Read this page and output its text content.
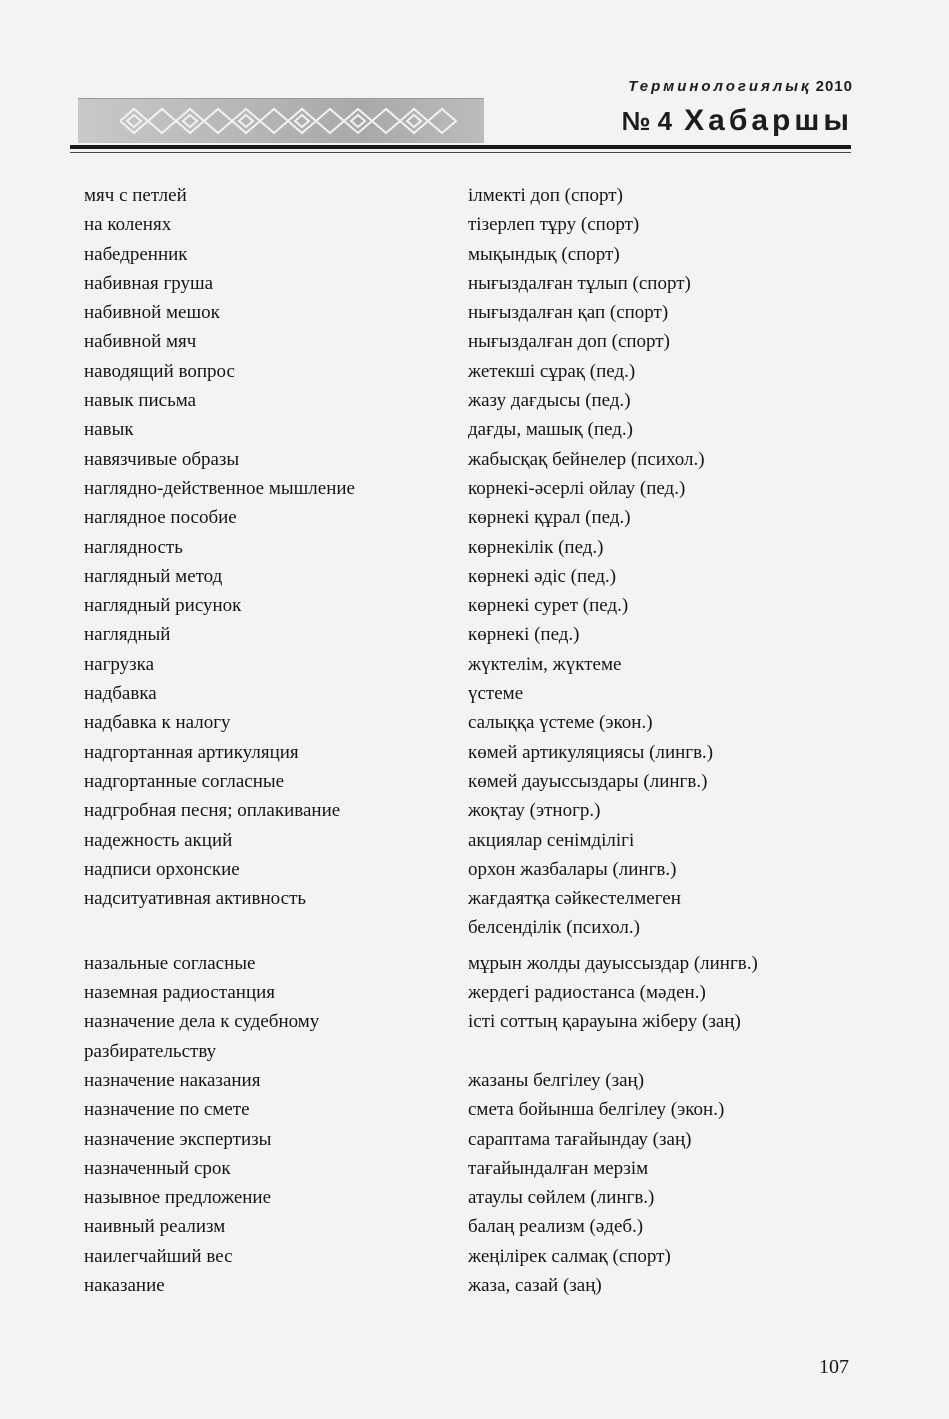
Терминологиялық 2010
№ 4 Хабаршы
мяч с петлей	ілмекті доп (спорт)
на коленях	тізерлеп тұру (спорт)
набедренник	мықындық (спорт)
набивная груша	нығыздалған тұлып (спорт)
набивной мешок	нығыздалған қап (спорт)
набивной мяч	нығыздалған доп (спорт)
наводящий вопрос	жетекші сұрақ (пед.)
навык письма	жазу дағдысы (пед.)
навык	дағды, машық (пед.)
навязчивые образы	жабысқақ бейнелер (психол.)
наглядно-действенное мышление	корнекі-әсерлі ойлау (пед.)
наглядное пособие	көрнекі құрал (пед.)
наглядность	көрнекілік (пед.)
наглядный метод	көрнекі әдіс (пед.)
наглядный рисунок	көрнекі сурет (пед.)
наглядный	көрнекі (пед.)
нагрузка	жүктелім, жүктеме
надбавка	үстеме
надбавка к налогу	салыққа үстеме (экон.)
надгортанная артикуляция	көмей артикуляциясы (лингв.)
надгортанные согласные	көмей дауыссыздары (лингв.)
надгробная песня; оплакивание	жоқтау (этногр.)
надежность акций	акциялар сенімділігі
надписи орхонские	орхон жазбалары (лингв.)
надситуативная активность	жағдаятқа сәйкестелмеген
белсенділік (психол.)
назальные согласные	мұрын жолды дауыссыздар (лингв.)
наземная радиостанция	жердегі радиостанса (мәден.)
назначение дела к судебному	істі соттың қарауына жіберу (заң)
разбирательству
назначение наказания	жазаны белгілеу (заң)
назначение по смете	смета бойынша белгілеу (экон.)
назначение экспертизы	сараптама тағайындау (заң)
назначенный срок	тағайындалған мерзім
назывное предложение	атаулы сөйлем (лингв.)
наивный реализм	балаң реализм (әдеб.)
наилегчайший вес	жеңілірек салмақ (спорт)
наказание	жаза, сазай (заң)
107
